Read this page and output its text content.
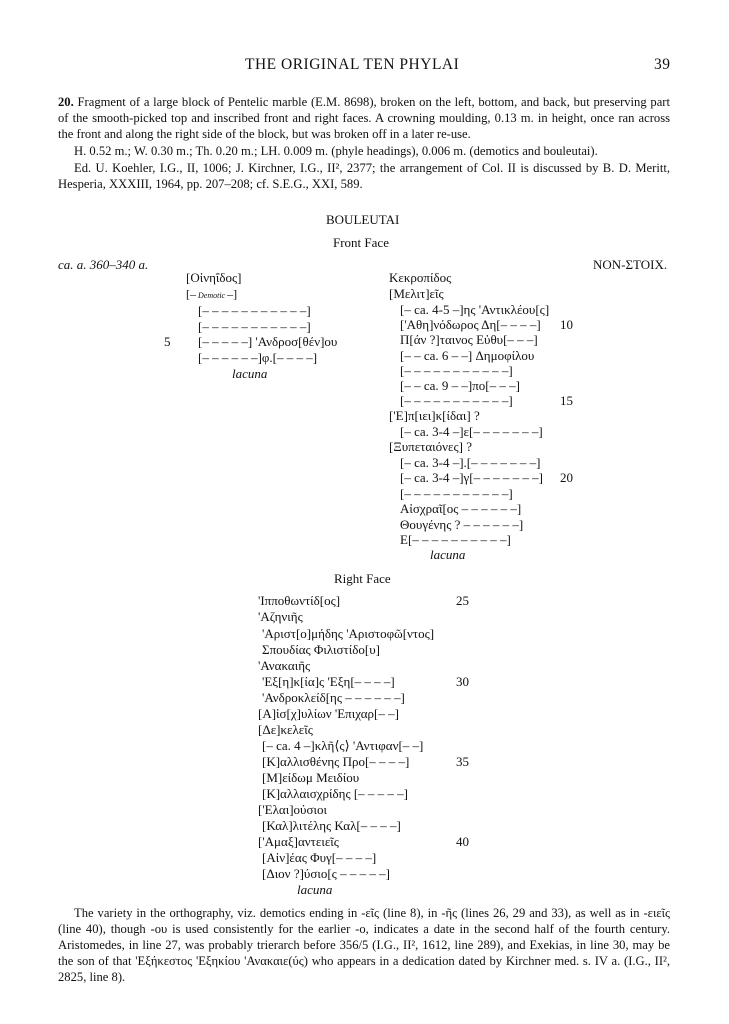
THE ORIGINAL TEN PHYLAI	39
20. Fragment of a large block of Pentelic marble (E.M. 8698), broken on the left, bottom, and back, but preserving part of the smooth-picked top and inscribed front and right faces. A crowning moulding, 0.13 m. in height, once ran across the front and along the right side of the block, but was broken off in a later re-use.
H. 0.52 m.; W. 0.30 m.; Th. 0.20 m.; LH. 0.009 m. (phyle headings), 0.006 m. (demotics and bouleutai).
Ed. U. Koehler, I.G., II, 1006; J. Kirchner, I.G., II², 2377; the arrangement of Col. II is discussed by B. D. Meritt, Hesperia, XXXIII, 1964, pp. 207–208; cf. S.E.G., XXI, 589.
BOULEUTAI
Front Face
ca. a. 360–340 a.	NON-ΣΤΟΙΧ.
[Οἰνηΐδος]
[– Demotic –]
[– – – – – – – – – – –]
[– – – – – – – – – – –]
5 [– – – – –] 'Ανδροσ[θέν]ου
[– – – – – –]φ.[– – – –]
lacuna
Κεκροπίδος
[Μελιτ]εῖς
[– ca. 4-5 –]ης 'Αντικλέου[ς]
['Αθη]νόδωρος Δη[– – – –] 10
Π[άν ?]ταινος Εὐθυ[– – –]
[– – ca. 6 – –] Δημοφίλου
[– – – – – – – – – – –]
[– – ca. 9 – –]πο[– – –]
[– – – – – – – – – – –]	15
['Ε]π[ιει]κ[ίδαι] ?
[– ca. 3-4 –]ε[– – – – – – –]
[Ξυπεταιόνες] ?
[– ca. 3-4 –].[– – – – – – –]
[– ca. 3-4 –]γ[– – – – – – –] 20
[– – – – – – – – – – –]
Αἰσχραῖ[ος – – – – – –]
Θουγένης ? – – – – – –]
Ε[– – – – – – – – – –]
lacuna
Right Face
'Ιπποθωντίδ[ος]	25
'Αζηνιῆς
'Αριστ[ο]μήδης 'Αριστοφῶ[ντος]
Σπουδίας Φιλιστίδο[υ]
'Ανακαιῆς
'Εξ[η]κ[ία]ς 'Εξη[– – – –]	30
'Ανδροκλείδ[ης – – – – – –]
[Α]ἰσ[χ]υλίων 'Επιχαρ[– –]
[Δε]κελεῖς
[– ca. 4 –]κλῆ⟨ς⟩ 'Αντιφαν[– –]
[Κ]αλλισθένης Προ[– – – –]	35
[Μ]είδωμ Μειδίου
[Κ]αλλαισχρίδης [– – – – –]
['Ελαι]ούσιοι
[Καλ]λιτέλης Καλ[– – – –]
['Αμαξ]αντειεῖς	40
[Αἰν]έας Φυγ[– – – –]
[Διον ?]ύσιο[ς – – – – –]
lacuna
The variety in the orthography, viz. demotics ending in -εῖς (line 8), in -ῆς (lines 26, 29 and 33), as well as in -ειεῖς (line 40), though -ου is used consistently for the earlier -ο, indicates a date in the second half of the fourth century. Aristomedes, in line 27, was probably trierarch before 356/5 (I.G., II², 1612, line 289), and Exekias, in line 30, may be the son of that 'Εξήκεστος 'Εξηκίου 'Ανακαιε(ύς) who appears in a dedication dated by Kirchner med. s. IV a. (I.G., II², 2825, line 8).
